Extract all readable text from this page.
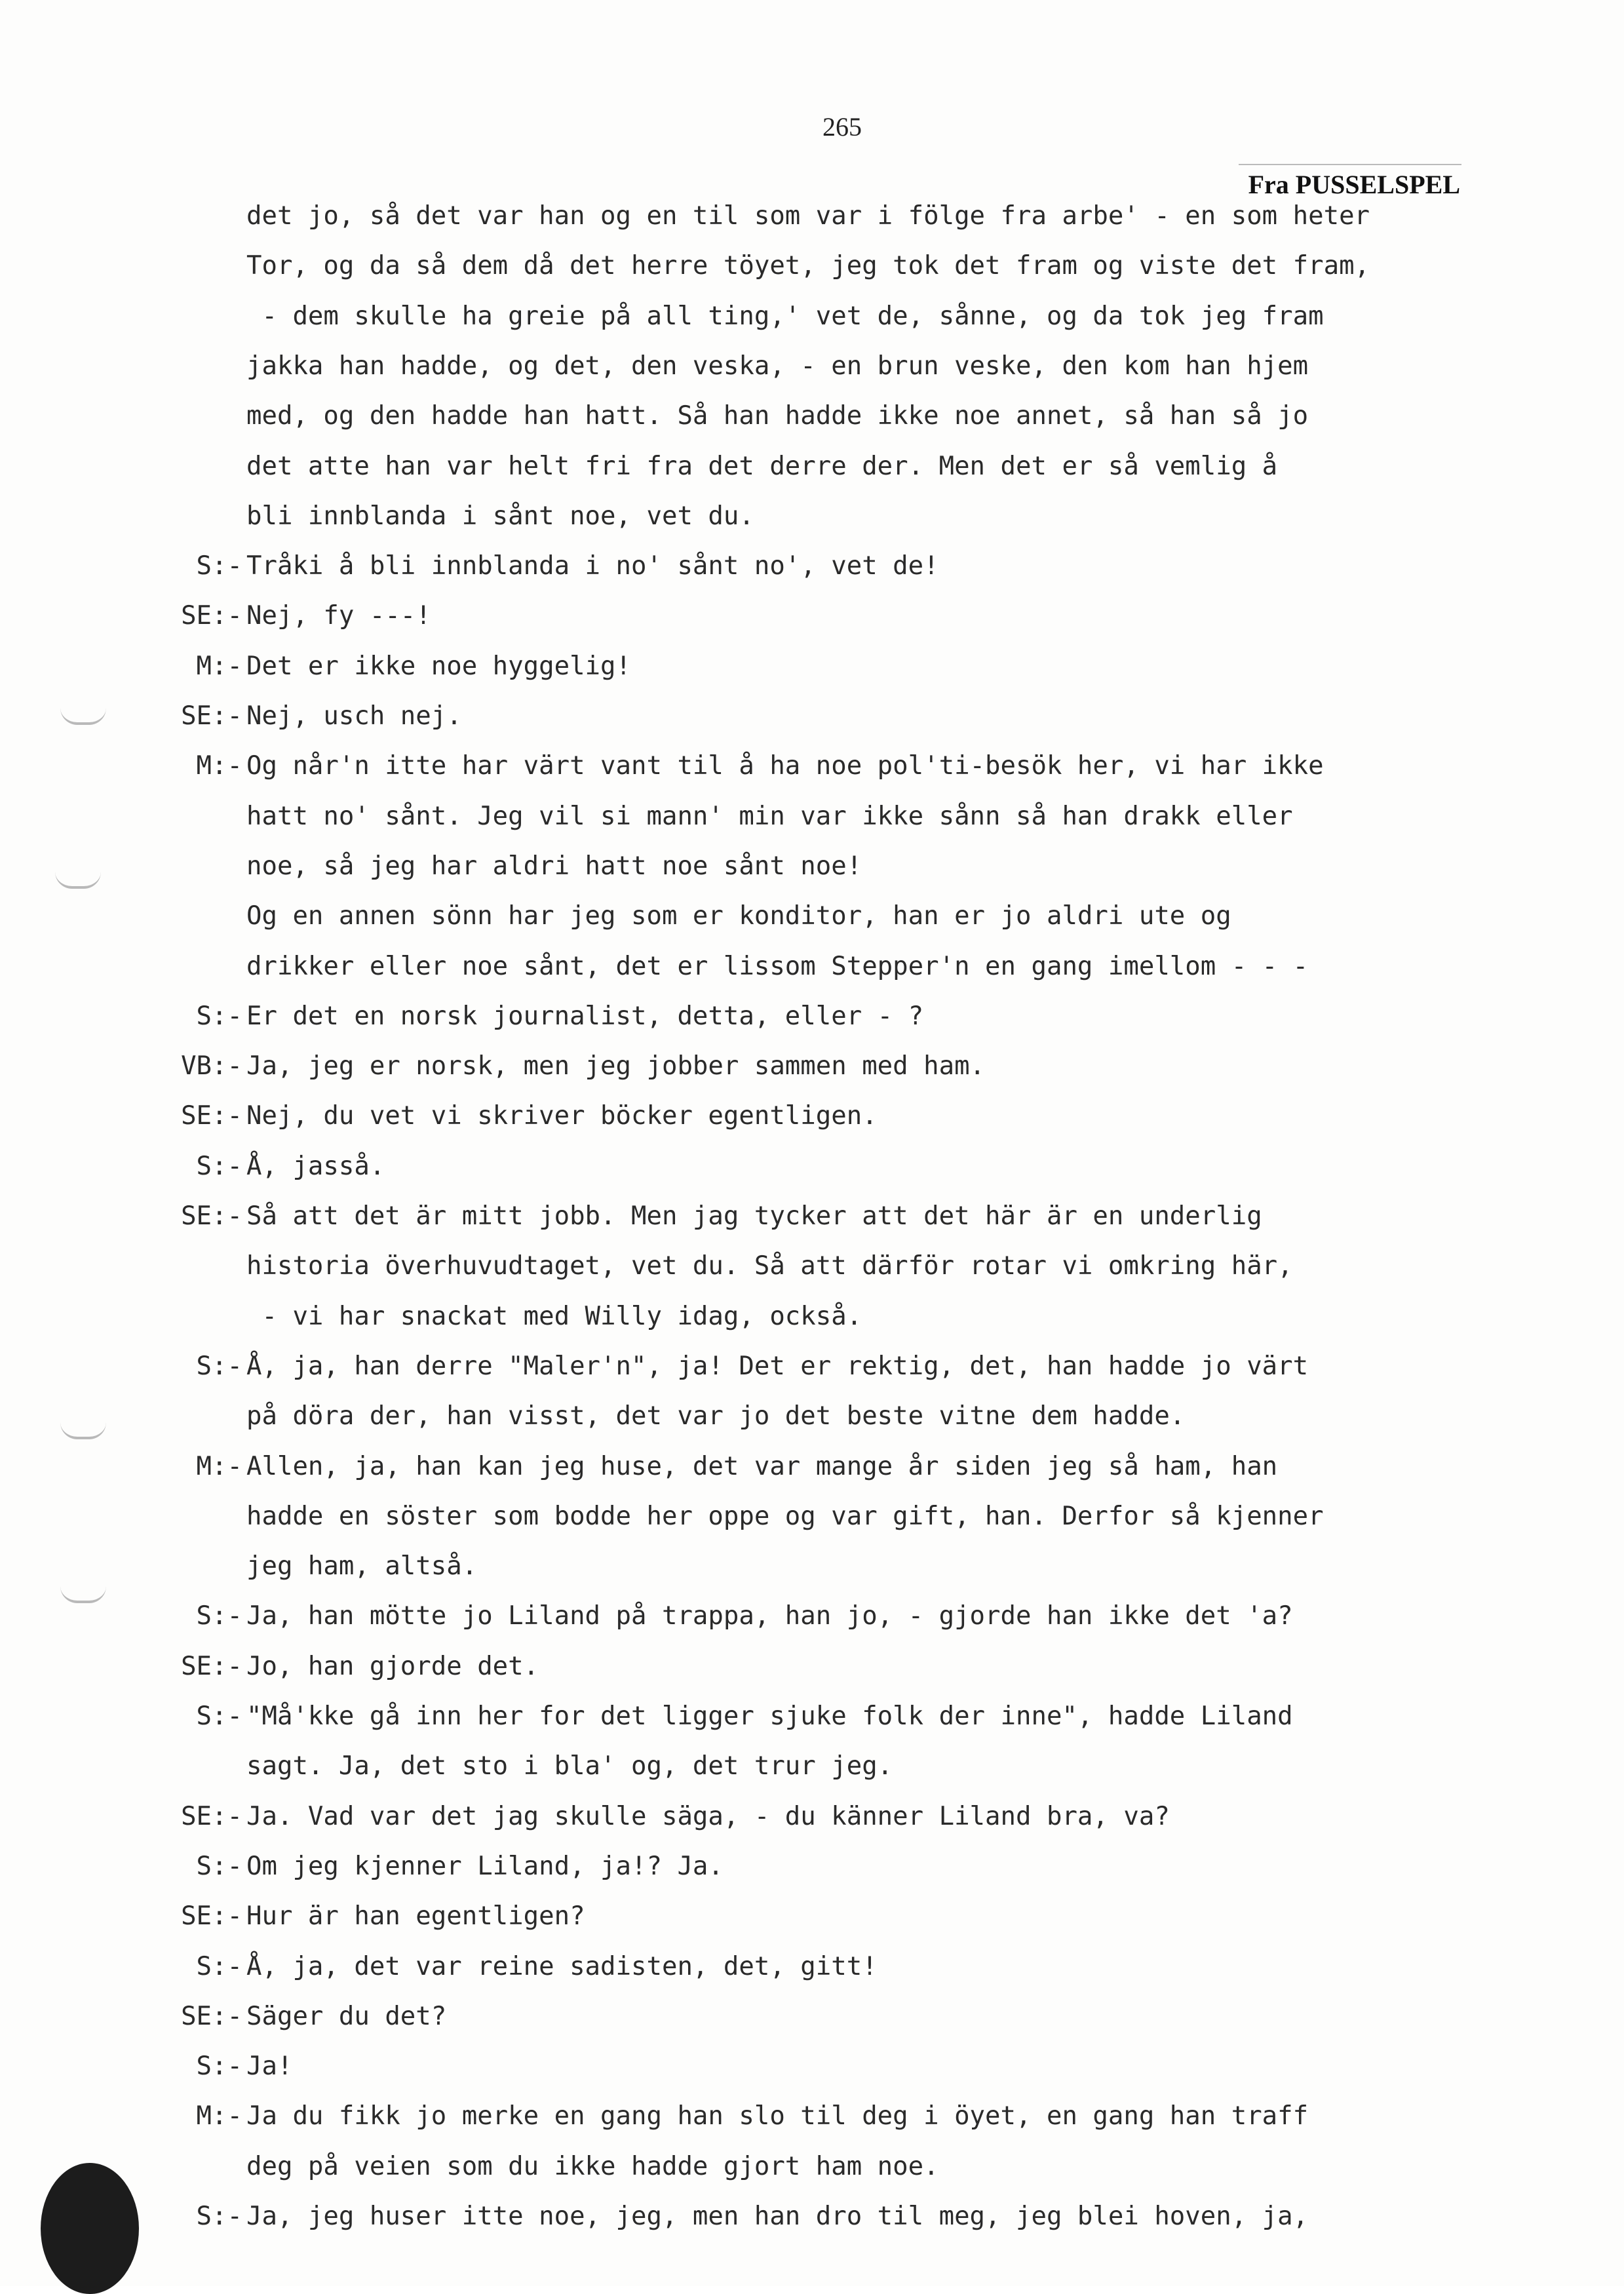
265
Fra PUSSELSPEL
det jo, så det var han og en til som var i fölge fra arbe' - en som heter
Tor, og da så dem då det herre töyet, jeg tok det fram og viste det fram,
- dem skulle ha greie på all ting,' vet de, sånne, og da tok jeg fram
jakka han hadde, og det, den veska, - en brun veske, den kom han hjem
med, og den hadde han hatt. Så han hadde ikke noe annet, så han så jo
det atte han var helt fri fra det derre der. Men det er så vemlig å
bli innblanda i sånt noe, vet du.
S:- Tråki å bli innblanda i no' sånt no', vet de!
SE:- Nej, fy ---!
M:- Det er ikke noe hyggelig!
SE:- Nej, usch nej.
M:- Og når'n itte har värt vant til å ha noe pol'ti-besök her, vi har ikke
hatt no' sånt. Jeg vil si mann' min var ikke sånn så han drakk eller
noe, så jeg har aldri hatt noe sånt noe!
Og en annen sönn har jeg som er konditor, han er jo aldri ute og
drikker eller noe sånt, det er lissom Stepper'n en gang imellom - - -
S:- Er det en norsk journalist, detta, eller - ?
VB:- Ja, jeg er norsk, men jeg jobber sammen med ham.
SE:- Nej, du vet vi skriver böcker egentligen.
S:- Å, jasså.
SE:- Så att det är mitt jobb. Men jag tycker att det här är en underlig
historia överhuvudtaget, vet du. Så att därför rotar vi omkring här,
- vi har snackat med Willy idag, också.
S:- Å, ja, han derre "Maler'n", ja! Det er rektig, det, han hadde jo värt
på döra der, han visst, det var jo det beste vitne dem hadde.
M:- Allen, ja, han kan jeg huse, det var mange år siden jeg så ham, han
hadde en söster som bodde her oppe og var gift, han. Derfor så kjenner
jeg ham, altså.
S:- Ja, han mötte jo Liland på trappa, han jo, - gjorde han ikke det 'a?
SE:- Jo, han gjorde det.
S:- "Må'kke gå inn her for det ligger sjuke folk der inne", hadde Liland
sagt. Ja, det sto i bla' og, det trur jeg.
SE:- Ja. Vad var det jag skulle säga, - du känner Liland bra, va?
S:- Om jeg kjenner Liland, ja!? Ja.
SE:- Hur är han egentligen?
S:- Å, ja, det var reine sadisten, det, gitt!
SE:- Säger du det?
S:- Ja!
M:- Ja du fikk jo merke en gang han slo til deg i öyet, en gang han traff
deg på veien som du ikke hadde gjort ham noe.
S:- Ja, jeg huser itte noe, jeg, men han dro til meg, jeg blei hoven, ja,
